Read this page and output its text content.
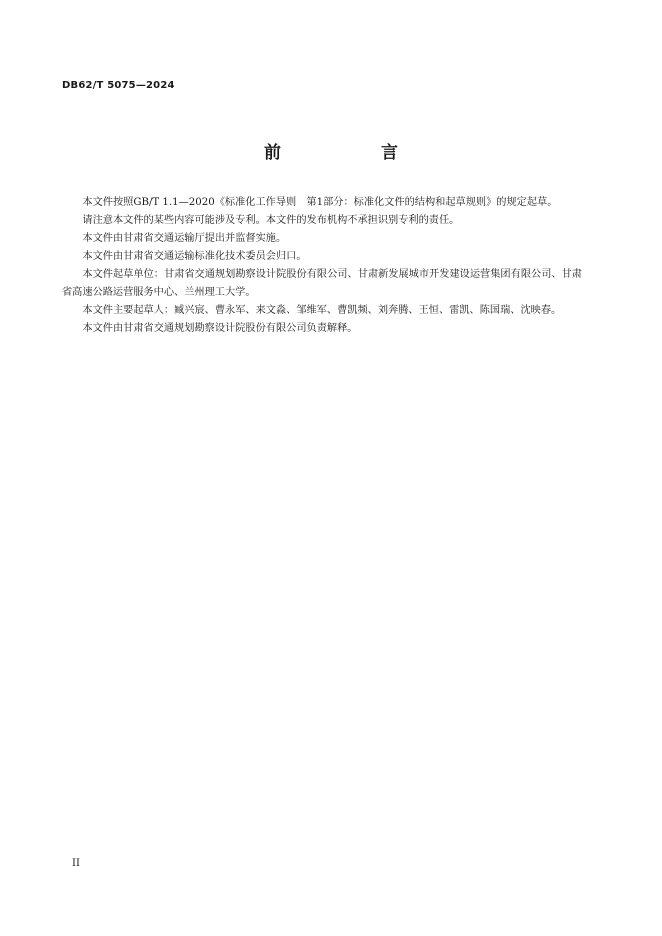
DB62/T 5075—2024
前　　言

本文件按照GB/T 1.1—2020《标准化工作导则　第1部分：标准化文件的结构和起草规则》的规定起草。

请注意本文件的某些内容可能涉及专利。本文件的发布机构不承担识别专利的责任。

本文件由甘肃省交通运输厅提出并监督实施。

本文件由甘肃省交通运输标准化技术委员会归口。

本文件起草单位：甘肃省交通规划勘察设计院股份有限公司、甘肃新发展城市开发建设运营集团有限公司、甘肃省高速公路运营服务中心、兰州理工大学。

本文件主要起草人：臧兴宸、曹永军、来文淼、邹维军、曹凯频、刘奔腾、王恒、雷凯、陈国瑞、沈映春。

本文件由甘肃省交通规划勘察设计院股份有限公司负责解释。

II
